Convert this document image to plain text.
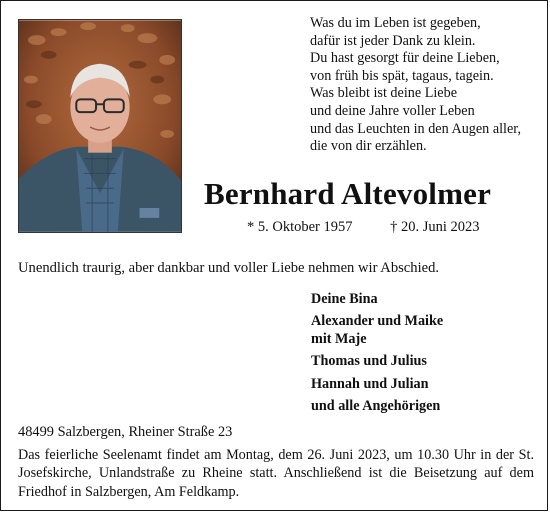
Was du im Leben ist gegeben,
dafür ist jeder Dank zu klein.
Du hast gesorgt für deine Lieben,
von früh bis spät, tagaus, tagein.
Was bleibt ist deine Liebe
und deine Jahre voller Leben
und das Leuchten in den Augen aller,
die von dir erzählen.
Bernhard Altevolmer
* 5. Oktober 1957	† 20. Juni 2023
Unendlich traurig, aber dankbar und voller Liebe nehmen wir Abschied.
Deine Bina
Alexander und Maike
mit Maje
Thomas und Julius
Hannah und Julian
und alle Angehörigen
48499 Salzbergen, Rheiner Straße 23
Das feierliche Seelenamt findet am Montag, dem 26. Juni 2023, um 10.30 Uhr in der St. Josefskirche, Unlandstraße zu Rheine statt. Anschließend ist die Beisetzung auf dem Friedhof in Salzbergen, Am Feldkamp.
